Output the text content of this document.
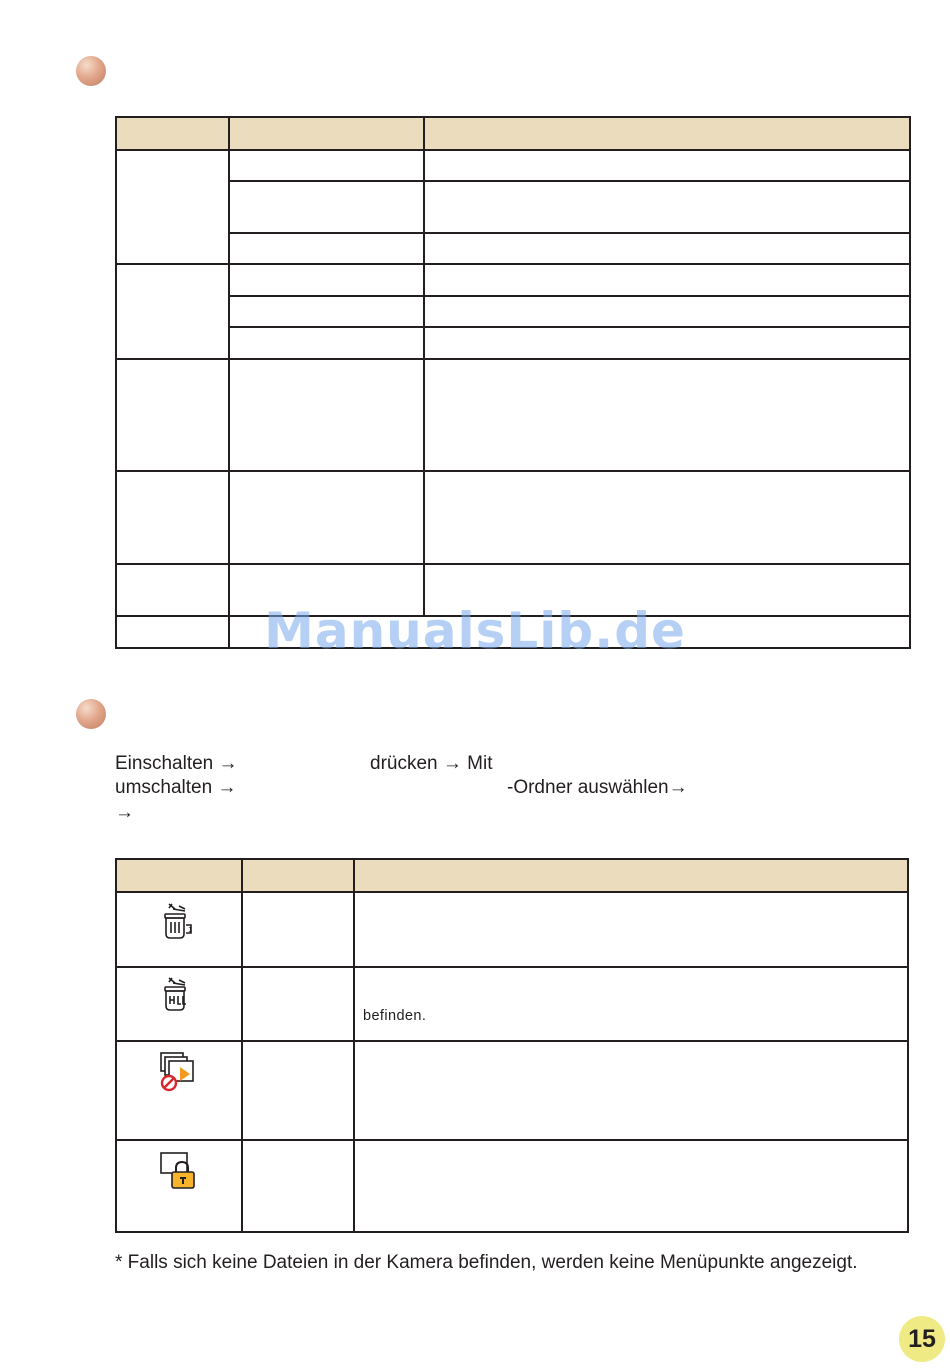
ManualsLib.de
Einschalten →	drücken → Mit
umschalten →	-Ordner auswählen→
→

1		

befinden.

* Falls sich keine Dateien in der Kamera befinden, werden keine Menüpunkte angezeigt.
15
